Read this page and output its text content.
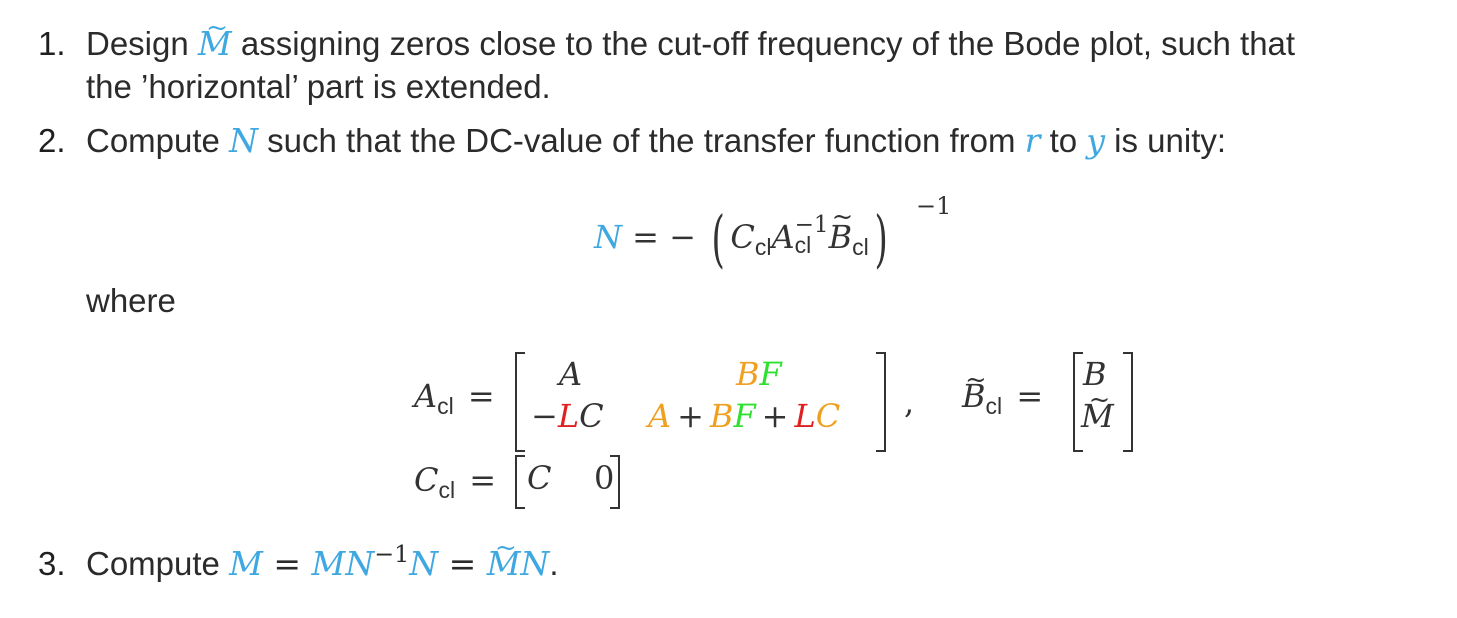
1. Design ~ M assigning zeros close to the cut-off frequency of the Bode plot, such that
the ’horizontal’ part is extended.
2. Compute N such that the DC-value of the transfer function from r to y is unity:
N = − ( $C_{cl}A -1$
cl ~ $B_{cl}) -1$
where
$A_{cl}$ =
A	BF
−LC A + BF + LC , ~ $B_{cl}$ =
B
~ M
$C_{cl} = C$ 0
3. Compute $M = MN^{-1}N$ = ~ MN.
